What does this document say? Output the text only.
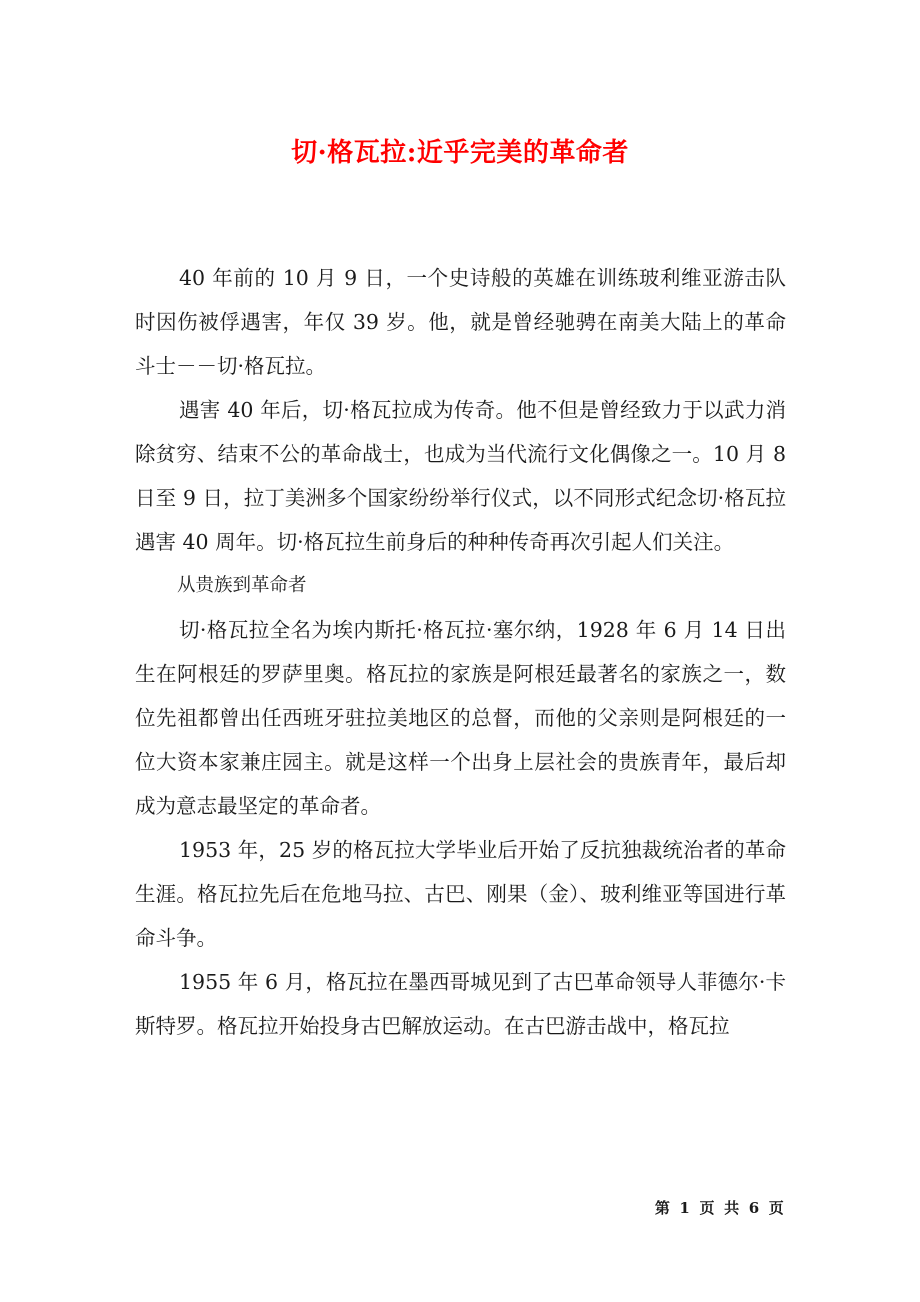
切·格瓦拉:近乎完美的革命者

40 年前的 10 月 9 日，一个史诗般的英雄在训练玻利维亚游击队时因伤被俘遇害，年仅 39 岁。他，就是曾经驰骋在南美大陆上的革命斗士－－切·格瓦拉。

遇害 40 年后，切·格瓦拉成为传奇。他不但是曾经致力于以武力消除贫穷、结束不公的革命战士，也成为当代流行文化偶像之一。10 月 8 日至 9 日，拉丁美洲多个国家纷纷举行仪式，以不同形式纪念切·格瓦拉遇害 40 周年。切·格瓦拉生前身后的种种传奇再次引起人们关注。

从贵族到革命者

切·格瓦拉全名为埃内斯托·格瓦拉·塞尔纳，1928 年 6 月 14 日出生在阿根廷的罗萨里奥。格瓦拉的家族是阿根廷最著名的家族之一，数位先祖都曾出任西班牙驻拉美地区的总督，而他的父亲则是阿根廷的一位大资本家兼庄园主。就是这样一个出身上层社会的贵族青年，最后却成为意志最坚定的革命者。

1953 年，25 岁的格瓦拉大学毕业后开始了反抗独裁统治者的革命生涯。格瓦拉先后在危地马拉、古巴、刚果（金）、玻利维亚等国进行革命斗争。

1955 年 6 月，格瓦拉在墨西哥城见到了古巴革命领导人菲德尔·卡斯特罗。格瓦拉开始投身古巴解放运动。在古巴游击战中，格瓦拉

第 1 页 共 6 页
